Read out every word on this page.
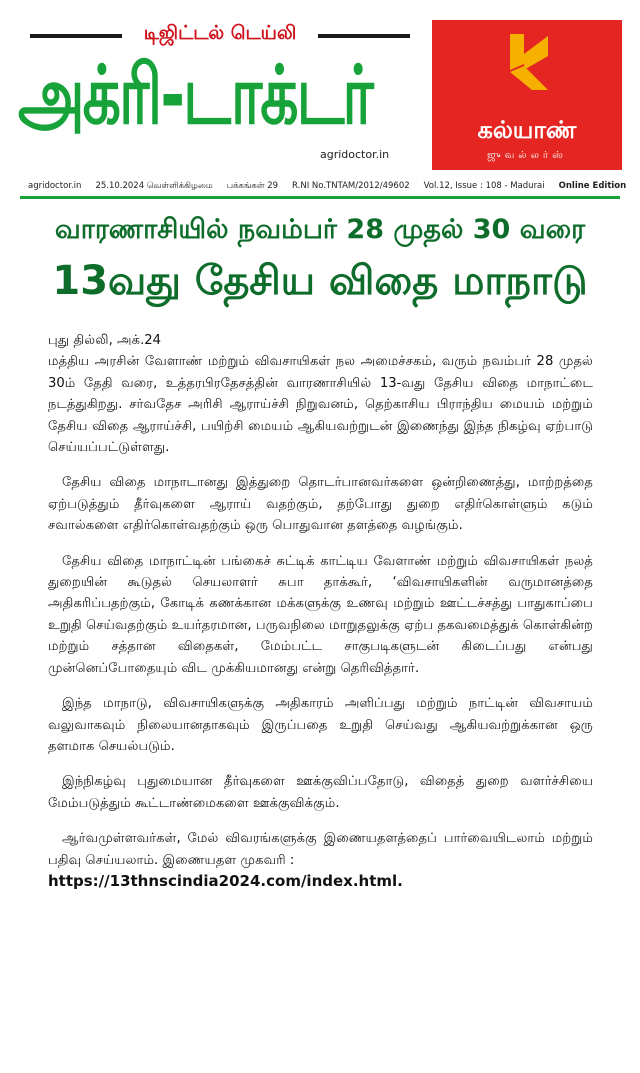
டிஜிட்டல் டெய்லி
அக்ரி-டாக்டர்
agridoctor.in
agridoctor.in 25.10.2024 வெள்ளிக்கிழமை பக்கங்கள் 29 R.NI No.TNTAM/2012/49602 Vol.12, Issue : 108 - Madurai Online Edition
கல்யாண்
ஜுவல்லர்ஸ்
வாரணாசியில் நவம்பர் 28 முதல் 30 வரை
13வது தேசிய விதை மாநாடு
புது தில்லி, அக்.24

மத்திய அரசின் வேளாண் மற்றும் விவசாயிகள் நல அமைச்சகம், வரும் நவம்பர் 28 முதல் 30ம் தேதி வரை, உத்தரபிரதேசத்தின் வாரணாசியில் 13-வது தேசிய விதை மாநாட்டை நடத்துகிறது. சர்வதேச அரிசி ஆராய்ச்சி நிறுவனம், தெற்காசிய பிராந்திய மையம் மற்றும் தேசிய விதை ஆராய்ச்சி, பயிற்சி மையம் ஆகியவற்றுடன் இணைந்து இந்த நிகழ்வு ஏற்பாடு செய்யப்பட்டுள்ளது.

தேசிய விதை மாநாடானது இத்துறை தொடர்பானவர்களை ஒன்றிணைத்து, மாற்றத்தை ஏற்படுத்தும் தீர்வுகளை ஆராய் வதற்கும், தற்போது துறை எதிர்கொள்ளும் கடும் சவால்களை எதிர்கொள்வதற்கும் ஒரு பொதுவான தளத்தை வழங்கும்.

தேசிய விதை மாநாட்டின் பங்கைச் சுட்டிக் காட்டிய வேளாண் மற்றும் விவசாயிகள் நலத் துறையின் கூடுதல் செயலாளர் சுபா தாக்கூர், ‘விவசாயிகளின் வருமானத்தை அதிகரிப்பதற்கும், கோடிக் கணக்கான மக்களுக்கு உணவு மற்றும் ஊட்டச்சத்து பாதுகாப்பை உறுதி செய்வதற்கும் உயர்தரமான, பருவநிலை மாறுதலுக்கு ஏற்ப தகவமைத்துக் கொள்கின்ற மற்றும் சத்தான விதைகள், மேம்பட்ட சாகுபடிகளுடன் கிடைப்பது என்பது முன்னெப்போதையும் விட முக்கியமானது என்று தெரிவித்தார்.

இந்த மாநாடு, விவசாயிகளுக்கு அதிகாரம் அளிப்பது மற்றும் நாட்டின் விவசாயம் வலுவாகவும் நிலையானதாகவும் இருப்பதை உறுதி செய்வது ஆகியவற்றுக்கான ஒரு தளமாக செயல்படும்.

இந்நிகழ்வு புதுமையான தீர்வுகளை ஊக்குவிப்பதோடு, விதைத் துறை வளர்ச்சியை மேம்படுத்தும் கூட்டாண்மைகளை ஊக்குவிக்கும்.

ஆர்வமுள்ளவர்கள், மேல் விவரங்களுக்கு இணையதளத்தைப் பார்வையிடலாம் மற்றும் பதிவு செய்யலாம். இணையதள முகவரி :

https://13thnscindia2024.com/index.html.
